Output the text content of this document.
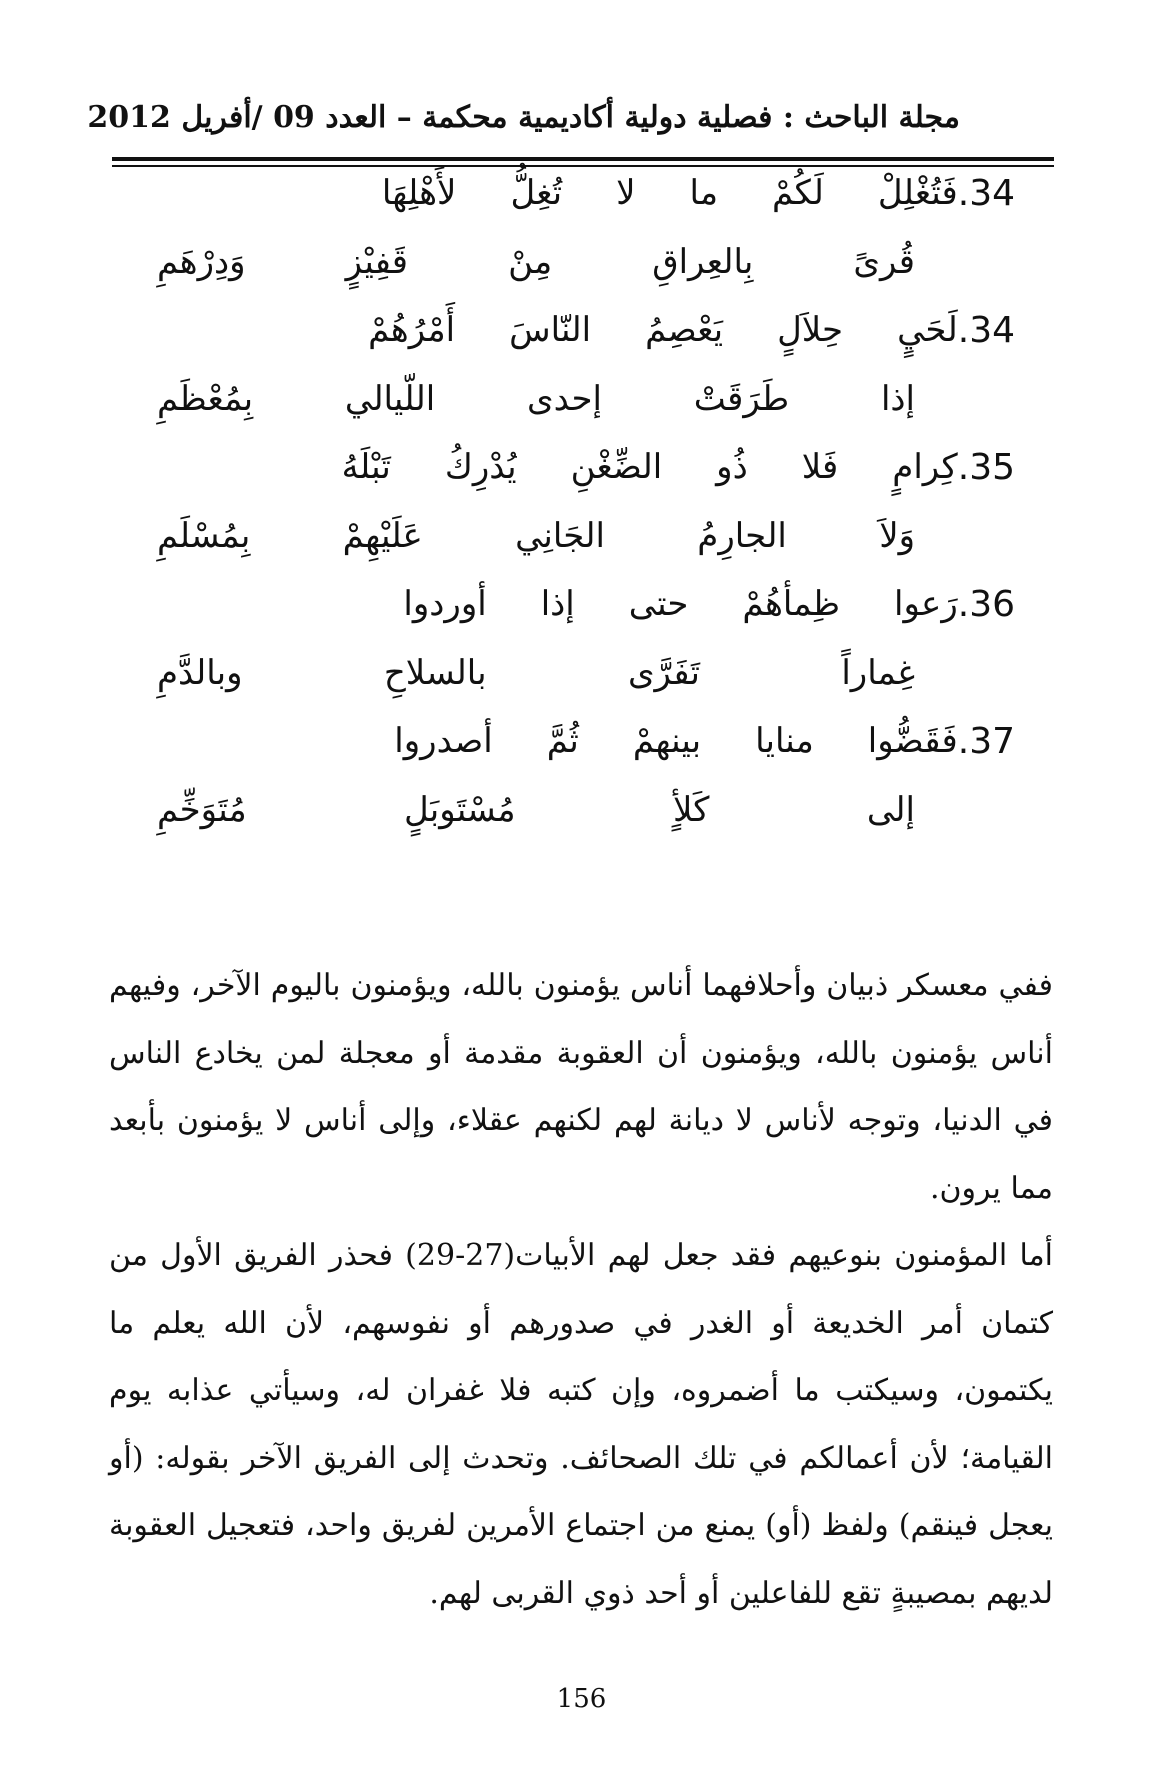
مجلة الباحث : فصلية دولية أكاديمية محكمة – العدد 09 /أفريل 2012
34.
فَتُغْلِلْ
لَكُمْ
ما
لا
تُغِلُّ
لأَهْلِهَا
قُرىً
بِالعِراقِ
مِنْ
قَفِيْزٍ
وَدِرْهَمِ
34.
لَحَيٍ
حِلاَلٍ
يَعْصِمُ
النّاسَ
أَمْرُهُمْ
إذا
طَرَقَتْ
إحدى
اللّيالي
بِمُعْظَمِ
35.
كِرامٍ
فَلا
ذُو
الضِّغْنِ
يُدْرِكُ
تَبْلَهُ
وَلاَ
الجارِمُ
الجَانِي
عَلَيْهِمْ
بِمُسْلَمِ
36.
رَعوا
ظِمأهُمْ
حتى
إذا
أوردوا
غِماراً
تَفَرَّى
بالسلاحِ
وبالدَّمِ
37.
فَقَضُّوا
منايا
بينهمْ
ثُمَّ
أصدروا
إلى
كَلأٍ
مُسْتَوبَلٍ
مُتَوَخِّمِ

ففي معسكر ذبيان وأحلافهما أناس يؤمنون بالله، ويؤمنون باليوم الآخر، وفيهم أناس يؤمنون بالله، ويؤمنون أن العقوبة مقدمة أو معجلة لمن يخادع الناس في الدنيا، وتوجه لأناس لا ديانة لهم لكنهم عقلاء، وإلى أناس لا يؤمنون بأبعد مما يرون.

أما المؤمنون بنوعيهم فقد جعل لهم الأبيات(27-29) فحذر الفريق الأول من كتمان أمر الخديعة أو الغدر في صدورهم أو نفوسهم، لأن الله يعلم ما يكتمون، وسيكتب ما أضمروه، وإن كتبه فلا غفران له، وسيأتي عذابه يوم القيامة؛ لأن أعمالكم في تلك الصحائف. وتحدث إلى الفريق الآخر بقوله: (أو يعجل فينقم) ولفظ (أو) يمنع من اجتماع الأمرين لفريق واحد، فتعجيل العقوبة لديهم بمصيبةٍ تقع للفاعلين أو أحد ذوي القربى لهم.

156
